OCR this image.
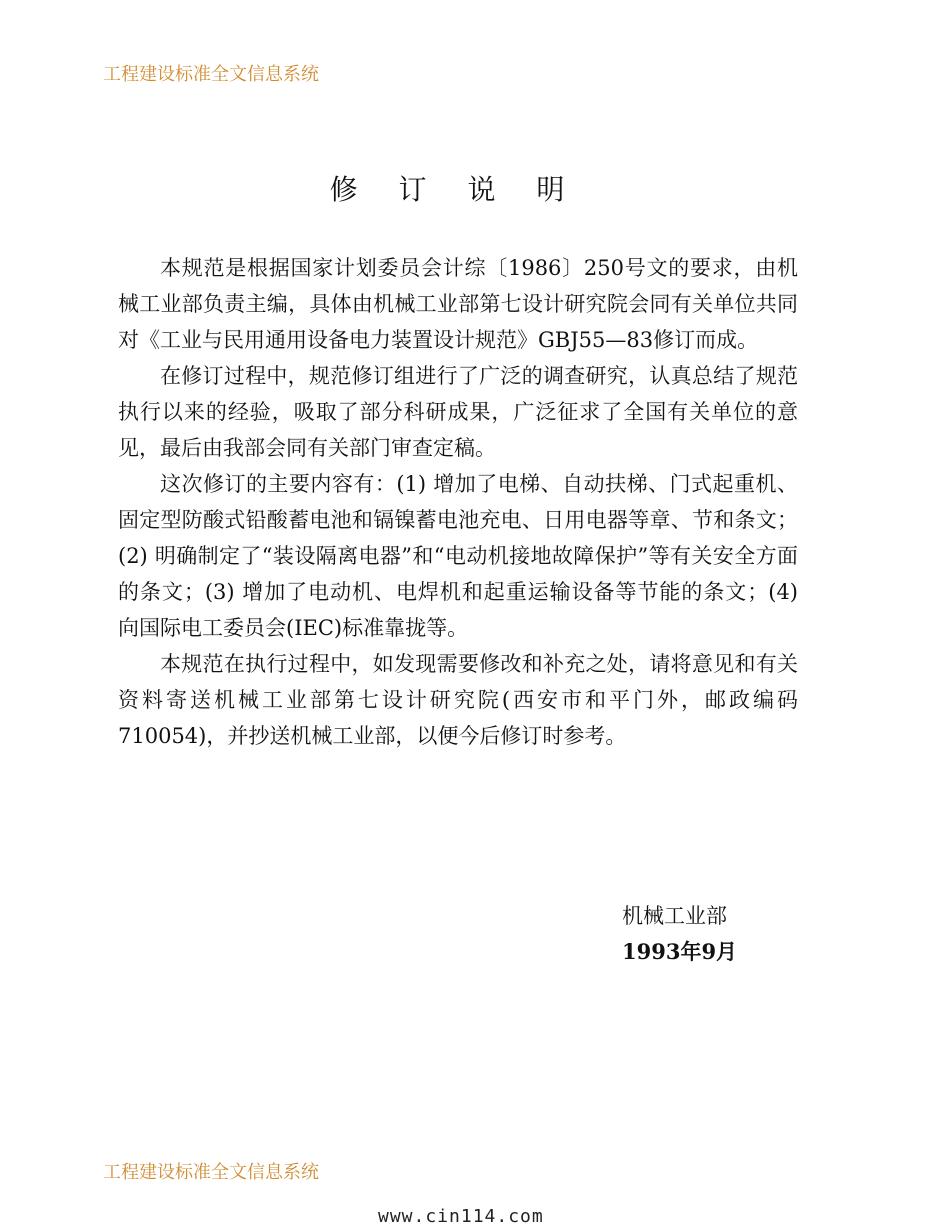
工程建设标准全文信息系统
修 订 说 明

本规范是根据国家计划委员会计综〔1986〕250号文的要求，由机械工业部负责主编，具体由机械工业部第七设计研究院会同有关单位共同对《工业与民用通用设备电力装置设计规范》GBJ55—83修订而成。

在修订过程中，规范修订组进行了广泛的调查研究，认真总结了规范执行以来的经验，吸取了部分科研成果，广泛征求了全国有关单位的意见，最后由我部会同有关部门审查定稿。

这次修订的主要内容有：(1) 增加了电梯、自动扶梯、门式起重机、固定型防酸式铅酸蓄电池和镉镍蓄电池充电、日用电器等章、节和条文；(2) 明确制定了“装设隔离电器”和“电动机接地故障保护”等有关安全方面的条文；(3) 增加了电动机、电焊机和起重运输设备等节能的条文；(4) 向国际电工委员会(IEC)标准靠拢等。

本规范在执行过程中，如发现需要修改和补充之处，请将意见和有关资料寄送机械工业部第七设计研究院(西安市和平门外，邮政编码710054)，并抄送机械工业部，以便今后修订时参考。

机械工业部
1993年9月
工程建设标准全文信息系统
www.cin114.com
